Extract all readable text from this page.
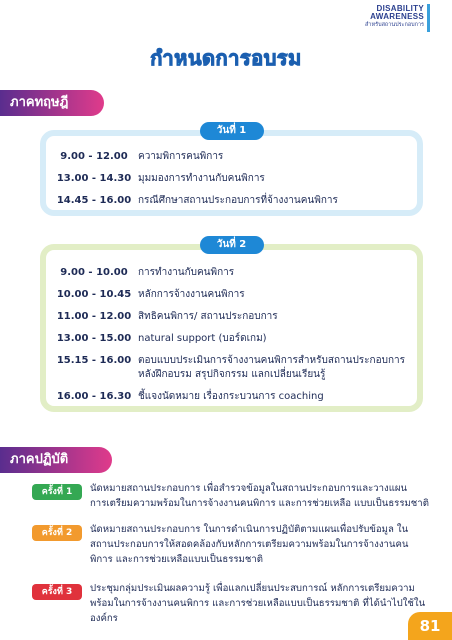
DISABILITY
AWARENESS
สำหรับสถานประกอบการ
กำหนดการอบรม
ภาคทฤษฎี
วันที่ 1
9.00 - 12.00	ความพิการคนพิการ
13.00 - 14.30 มุมมองการทำงานกับคนพิการ
14.45 - 16.00 กรณีศึกษาสถานประกอบการที่จ้างงานคนพิการ
วันที่ 2
9.00 - 10.00	การทำงานกับคนพิการ
10.00 - 10.45 หลักการจ้างงานคนพิการ
11.00 - 12.00 สิทธิคนพิการ/ สถานประกอบการ
13.00 - 15.00 natural support (บอร์ดเกม)
15.15 - 16.00 ตอบแบบประเมินการจ้างงานคนพิการสำหรับสถานประกอบการ หลังฝึกอบรม สรุปกิจกรรม แลกเปลี่ยนเรียนรู้
16.00 - 16.30 ชี้แจงนัดหมาย เรื่องกระบวนการ coaching
ภาคปฏิบัติ
ครั้งที่ 1	นัดหมายสถานประกอบการ เพื่อสำรวจข้อมูลในสถานประกอบการและวางแผนการเตรียมความพร้อมในการจ้างงานคนพิการ และการช่วยเหลือ แบบเป็นธรรมชาติ
ครั้งที่ 2	นัดหมายสถานประกอบการ ในการดำเนินการปฏิบัติตามแผนเพื่อปรับข้อมูล ในสถานประกอบการให้สอดคล้องกับหลักการเตรียมความพร้อมในการจ้างงานคนพิการ และการช่วยเหลือแบบเป็นธรรมชาติ
ครั้งที่ 3	ประชุมกลุ่มประเมินผลความรู้ เพื่อแลกเปลี่ยนประสบการณ์ หลักการเตรียมความพร้อมในการจ้างงานคนพิการ และการช่วยเหลือแบบเป็นธรรมชาติ ที่ได้นำไปใช้ในองค์กร	81
